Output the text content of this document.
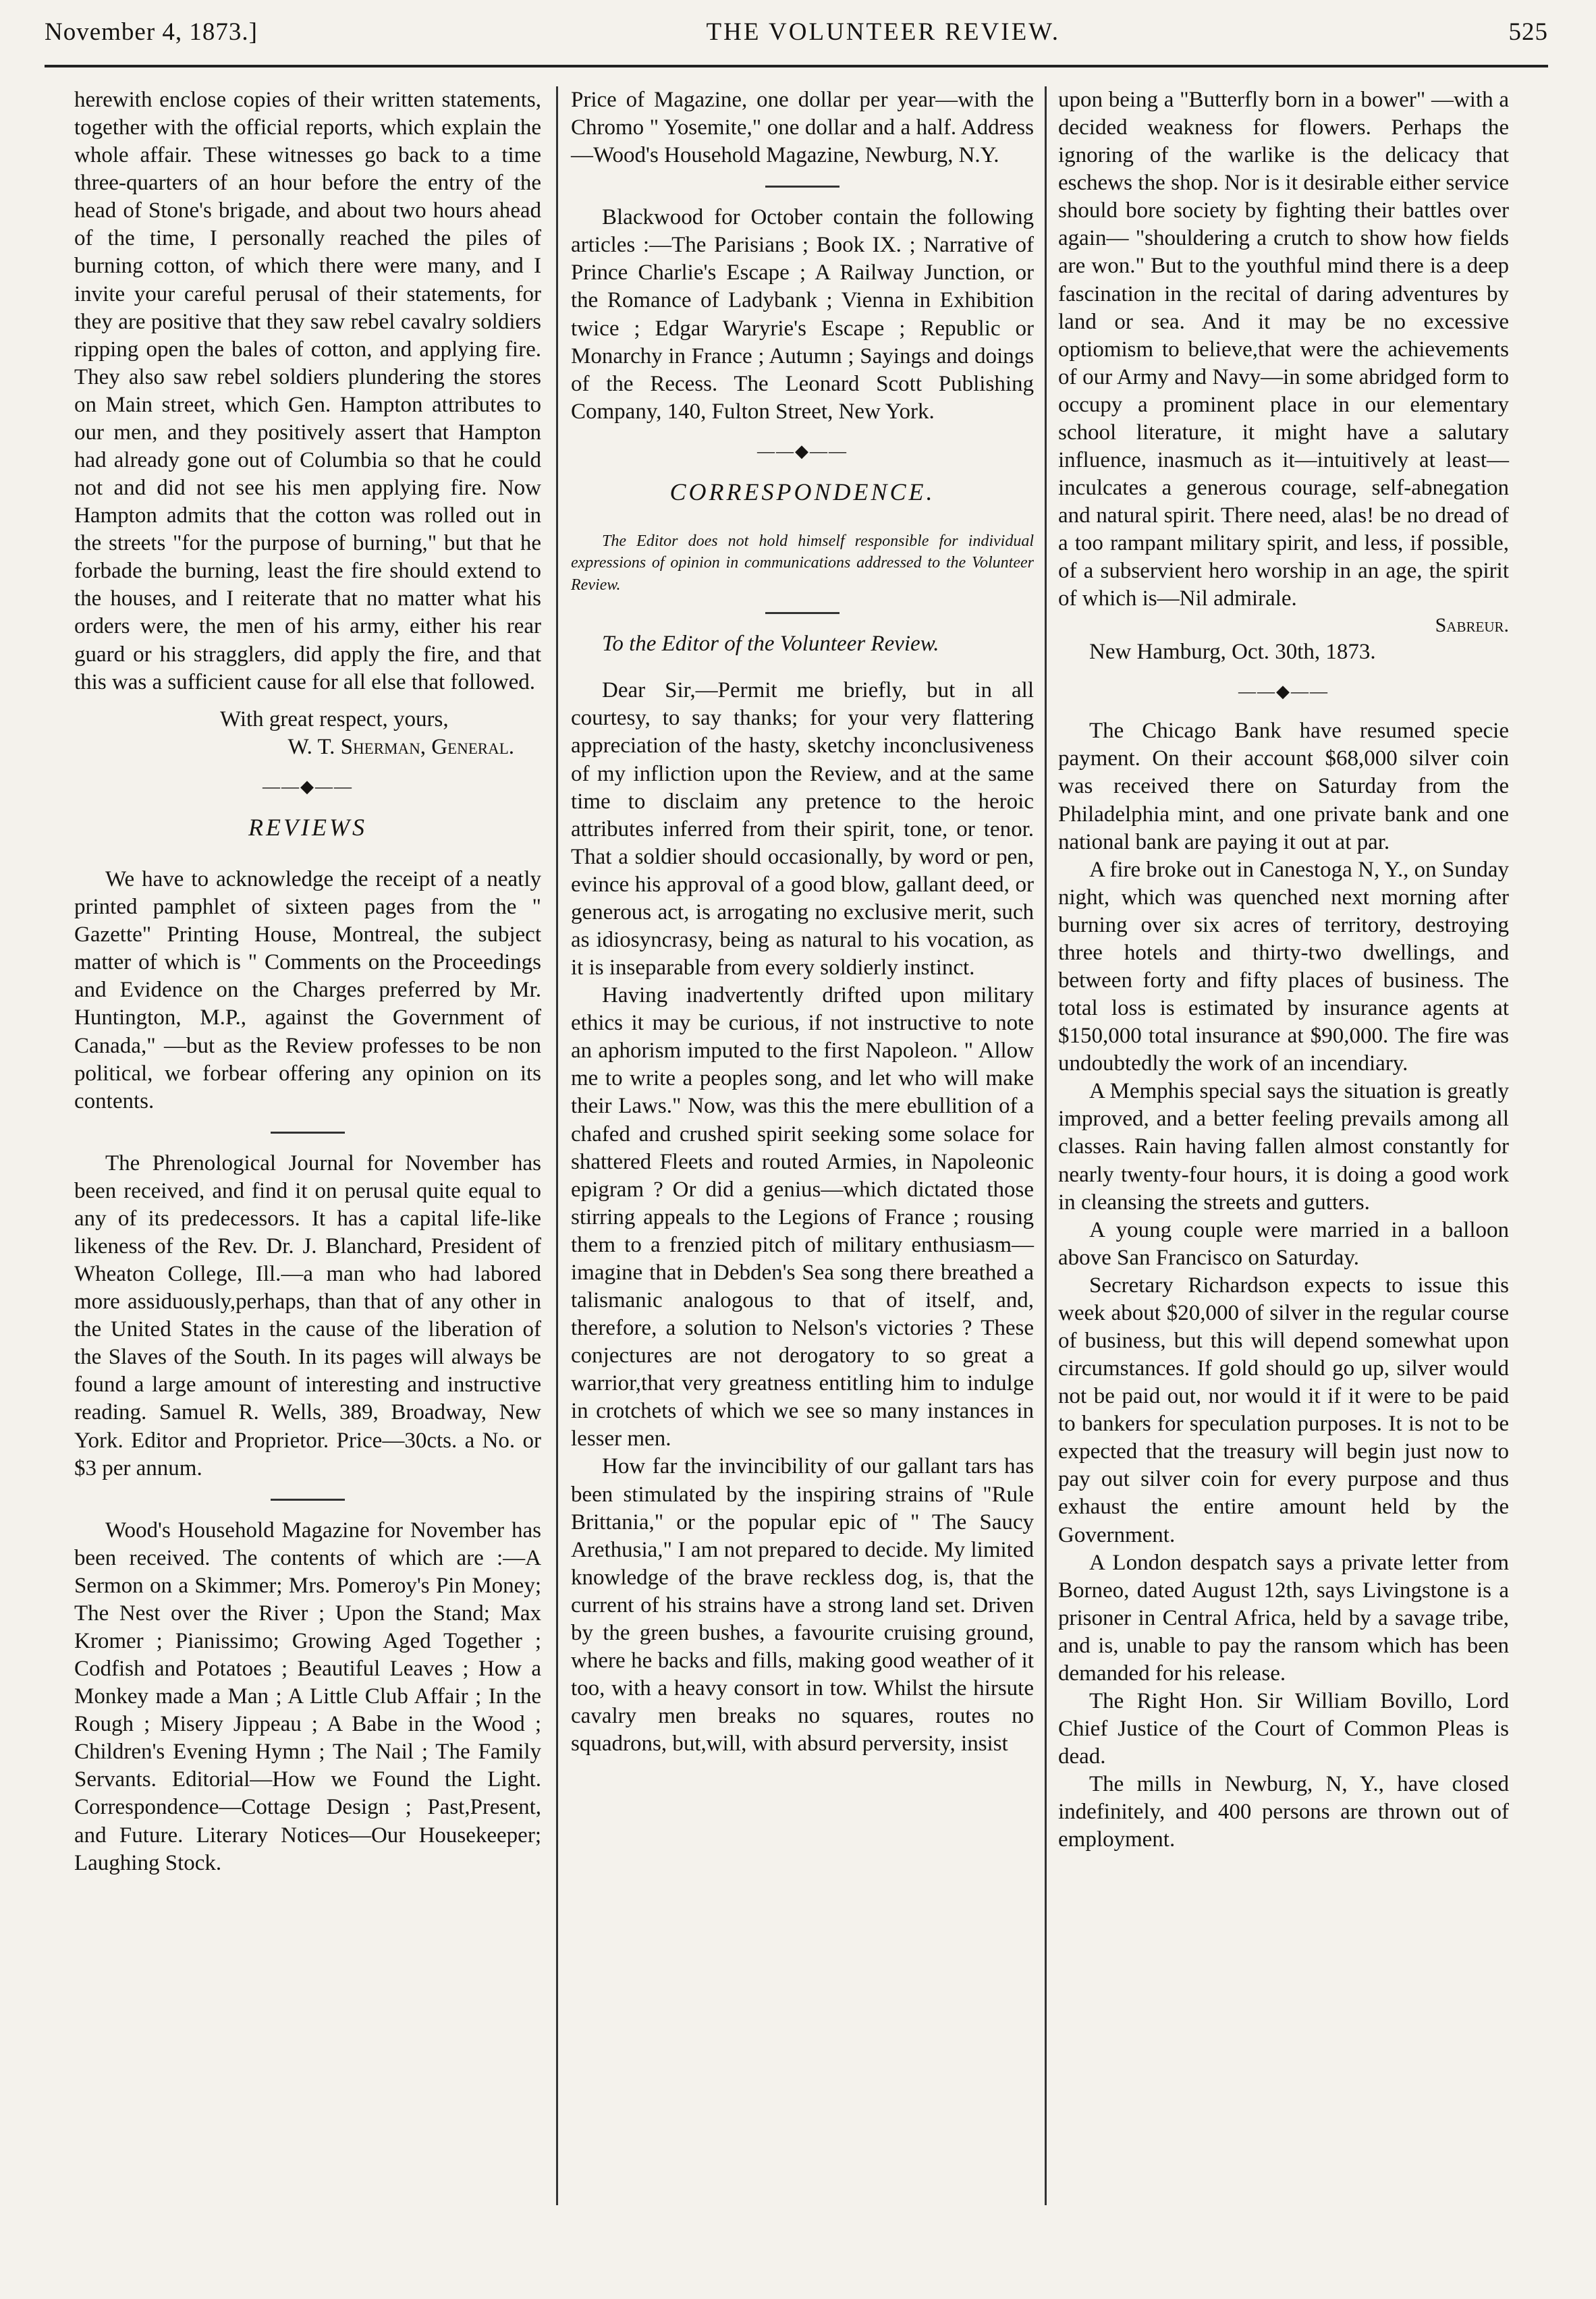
November 4, 1873.]	THE VOLUNTEER REVIEW.	525

herewith enclose copies of their written statements, together with the official reports, which explain the whole affair. These witnesses go back to a time three-quarters of an hour before the entry of the head of Stone's brigade, and about two hours ahead of the time, I personally reached the piles of burning cotton, of which there were many, and I invite your careful perusal of their statements, for they are positive that they saw rebel cavalry soldiers ripping open the bales of cotton, and applying fire. They also saw rebel soldiers plundering the stores on Main street, which Gen. Hampton attributes to our men, and they positively assert that Hampton had already gone out of Columbia so that he could not and did not see his men applying fire. Now Hampton admits that the cotton was rolled out in the streets "for the purpose of burning," but that he forbade the burning, least the fire should extend to the houses, and I reiterate that no matter what his orders were, the men of his army, either his rear guard or his stragglers, did apply the fire, and that this was a sufficient cause for all else that followed.

With great respect, yours,

W. T. Sherman, General.

——◆——
REVIEWS

We have to acknowledge the receipt of a neatly printed pamphlet of sixteen pages from the " Gazette" Printing House, Montreal, the subject matter of which is " Comments on the Proceedings and Evidence on the Charges preferred by Mr. Huntington, M.P., against the Government of Canada," —but as the Review professes to be non political, we forbear offering any opinion on its contents.

The Phrenological Journal for November has been received, and find it on perusal quite equal to any of its predecessors. It has a capital life-like likeness of the Rev. Dr. J. Blanchard, President of Wheaton College, Ill.—a man who had labored more assiduously,perhaps, than that of any other in the United States in the cause of the liberation of the Slaves of the South. In its pages will always be found a large amount of interesting and instructive reading. Samuel R. Wells, 389, Broadway, New York. Editor and Proprietor. Price—30cts. a No. or $3 per annum.

Wood's Household Magazine for November has been received. The contents of which are :—A Sermon on a Skimmer; Mrs. Pomeroy's Pin Money; The Nest over the River ; Upon the Stand; Max Kromer ; Pianissimo; Growing Aged Together ; Codfish and Potatoes ; Beautiful Leaves ; How a Monkey made a Man ; A Little Club Affair ; In the Rough ; Misery Jippeau ; A Babe in the Wood ; Children's Evening Hymn ; The Nail ; The Family Servants. Editorial—How we Found the Light. Correspondence—Cottage Design ; Past,Present, and Future. Literary Notices—Our Housekeeper; Laughing Stock.

Price of Magazine, one dollar per year—with the Chromo " Yosemite," one dollar and a half. Address—Wood's Household Magazine, Newburg, N.Y.

Blackwood for October contain the following articles :—The Parisians ; Book IX. ; Narrative of Prince Charlie's Escape ; A Railway Junction, or the Romance of Ladybank ; Vienna in Exhibition twice ; Edgar Waryrie's Escape ; Republic or Monarchy in France ; Autumn ; Sayings and doings of the Recess. The Leonard Scott Publishing Company, 140, Fulton Street, New York.

——◆——
CORRESPONDENCE.

The Editor does not hold himself responsible for individual expressions of opinion in communications addressed to the Volunteer Review.

To the Editor of the Volunteer Review.

Dear Sir,—Permit me briefly, but in all courtesy, to say thanks; for your very flattering appreciation of the hasty, sketchy inconclusiveness of my infliction upon the Review, and at the same time to disclaim any pretence to the heroic attributes inferred from their spirit, tone, or tenor. That a soldier should occasionally, by word or pen, evince his approval of a good blow, gallant deed, or generous act, is arrogating no exclusive merit, such as idiosyncrasy, being as natural to his vocation, as it is inseparable from every soldierly instinct.

Having inadvertently drifted upon military ethics it may be curious, if not instructive to note an aphorism imputed to the first Napoleon. " Allow me to write a peoples song, and let who will make their Laws." Now, was this the mere ebullition of a chafed and crushed spirit seeking some solace for shattered Fleets and routed Armies, in Napoleonic epigram ? Or did a genius—which dictated those stirring appeals to the Legions of France ; rousing them to a frenzied pitch of military enthusiasm—imagine that in Debden's Sea song there breathed a talismanic analogous to that of itself, and, therefore, a solution to Nelson's victories ? These conjectures are not derogatory to so great a warrior,that very greatness entitling him to indulge in crotchets of which we see so many instances in lesser men.

How far the invincibility of our gallant tars has been stimulated by the inspiring strains of "Rule Brittania," or the popular epic of " The Saucy Arethusia," I am not prepared to decide. My limited knowledge of the brave reckless dog, is, that the current of his strains have a strong land set. Driven by the green bushes, a favourite cruising ground, where he backs and fills, making good weather of it too, with a heavy consort in tow. Whilst the hirsute cavalry men breaks no squares, routes no squadrons, but,will, with absurd perversity, insist

upon being a "Butterfly born in a bower" —with a decided weakness for flowers. Perhaps the ignoring of the warlike is the delicacy that eschews the shop. Nor is it desirable either service should bore society by fighting their battles over again— "shouldering a crutch to show how fields are won." But to the youthful mind there is a deep fascination in the recital of daring adventures by land or sea. And it may be no excessive optiomism to believe,that were the achievements of our Army and Navy—in some abridged form to occupy a prominent place in our elementary school literature, it might have a salutary influence, inasmuch as it—intuitively at least—inculcates a generous courage, self-abnegation and natural spirit. There need, alas! be no dread of a too rampant military spirit, and less, if possible, of a subservient hero worship in an age, the spirit of which is—Nil admirale.

Sabreur.

New Hamburg, Oct. 30th, 1873.

——◆——

The Chicago Bank have resumed specie payment. On their account $68,000 silver coin was received there on Saturday from the Philadelphia mint, and one private bank and one national bank are paying it out at par.

A fire broke out in Canestoga N, Y., on Sunday night, which was quenched next morning after burning over six acres of territory, destroying three hotels and thirty-two dwellings, and between forty and fifty places of business. The total loss is estimated by insurance agents at $150,000 total insurance at $90,000. The fire was undoubtedly the work of an incendiary.

A Memphis special says the situation is greatly improved, and a better feeling prevails among all classes. Rain having fallen almost constantly for nearly twenty-four hours, it is doing a good work in cleansing the streets and gutters.

A young couple were married in a balloon above San Francisco on Saturday.

Secretary Richardson expects to issue this week about $20,000 of silver in the regular course of business, but this will depend somewhat upon circumstances. If gold should go up, silver would not be paid out, nor would it if it were to be paid to bankers for speculation purposes. It is not to be expected that the treasury will begin just now to pay out silver coin for every purpose and thus exhaust the entire amount held by the Government.

A London despatch says a private letter from Borneo, dated August 12th, says Livingstone is a prisoner in Central Africa, held by a savage tribe, and is, unable to pay the ransom which has been demanded for his release.

The Right Hon. Sir William Bovillo, Lord Chief Justice of the Court of Common Pleas is dead.

The mills in Newburg, N, Y., have closed indefinitely, and 400 persons are thrown out of employment.
